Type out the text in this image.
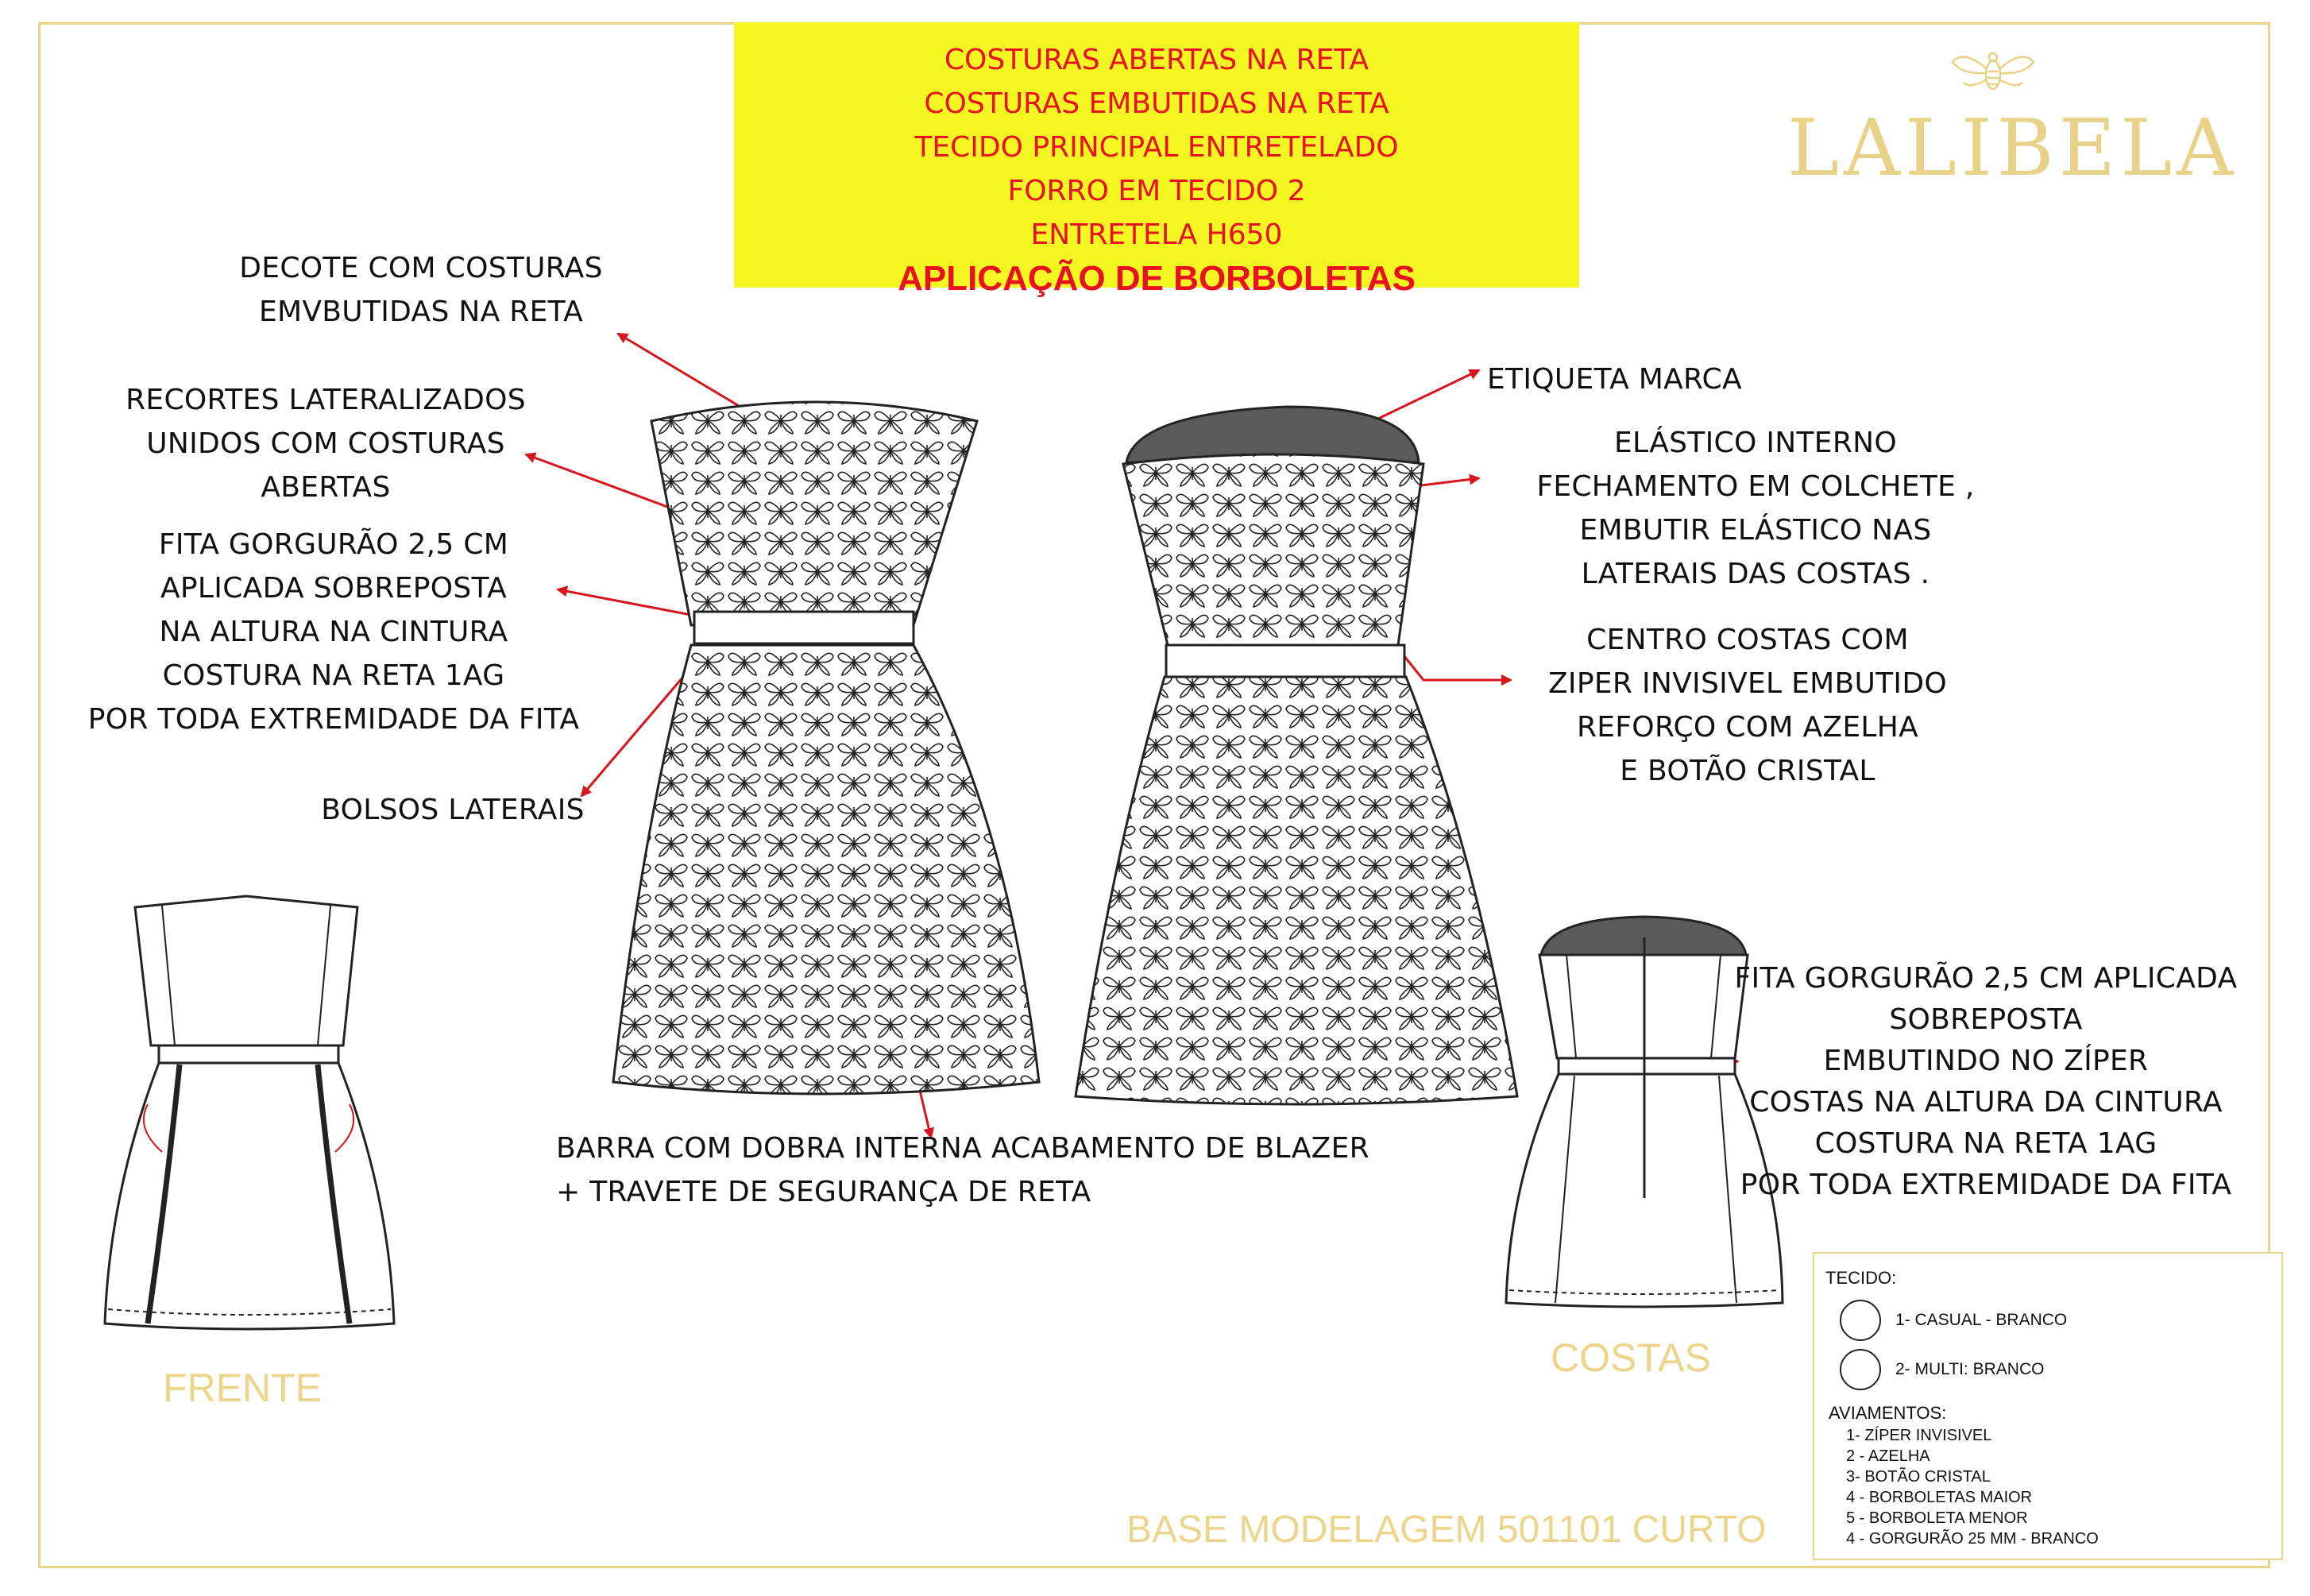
COSTURAS ABERTAS NA RETA
COSTURAS EMBUTIDAS NA RETA
TECIDO PRINCIPAL ENTRETELADO
FORRO EM TECIDO 2
ENTRETELA H650
APLICAÇÃO DE BORBOLETAS
LALIBELA
FRENTE
COSTAS
DECOTE COM COSTURAS
EMVBUTIDAS NA RETA
RECORTES LATERALIZADOS
UNIDOS COM COSTURAS
ABERTAS
FITA GORGURÃO 2,5 CM
APLICADA SOBREPOSTA
NA ALTURA NA CINTURA
COSTURA NA RETA 1AG
POR TODA EXTREMIDADE DA FITA
BOLSOS LATERAIS
BARRA COM DOBRA INTERNA ACABAMENTO DE BLAZER
+ TRAVETE DE SEGURANÇA DE RETA
ETIQUETA MARCA
ELÁSTICO INTERNO
FECHAMENTO EM COLCHETE ,
EMBUTIR ELÁSTICO NAS
LATERAIS DAS COSTAS .
CENTRO COSTAS COM
ZIPER INVISIVEL EMBUTIDO
REFORÇO COM AZELHA
E BOTÃO CRISTAL
FITA GORGURÃO 2,5 CM APLICADA
SOBREPOSTA
EMBUTINDO NO ZÍPER
COSTAS NA ALTURA DA CINTURA
COSTURA NA RETA 1AG
POR TODA EXTREMIDADE DA FITA
BASE MODELAGEM 501101 CURTO
TECIDO:
1- CASUAL - BRANCO
2- MULTI: BRANCO
AVIAMENTOS:
1- ZÍPER INVISIVEL
2 - AZELHA
3- BOTÃO CRISTAL
4 - BORBOLETAS MAIOR
5 - BORBOLETA MENOR
4 - GORGURÃO 25 MM - BRANCO
